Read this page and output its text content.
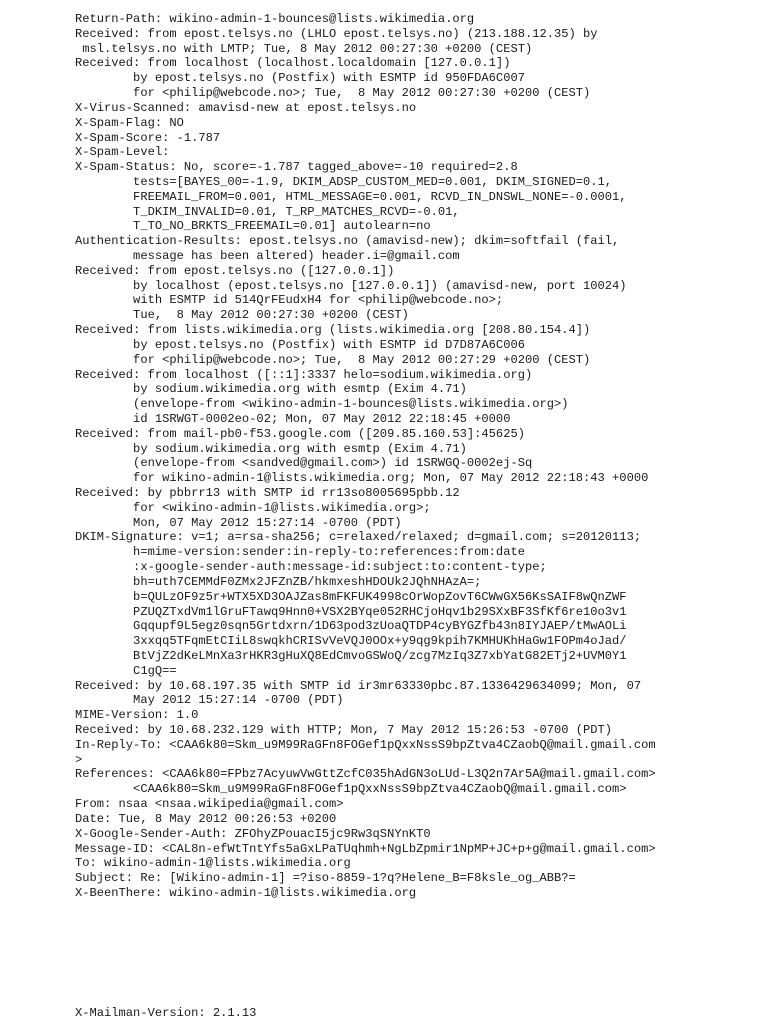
Return-Path: wikino-admin-1-bounces@lists.wikimedia.org
Received: from epost.telsys.no (LHLO epost.telsys.no) (213.188.12.35) by
msl.telsys.no with LMTP; Tue, 8 May 2012 00:27:30 +0200 (CEST)
Received: from localhost (localhost.localdomain [127.0.0.1])
by epost.telsys.no (Postfix) with ESMTP id 950FDA6C007
for <philip@webcode.no>; Tue,  8 May 2012 00:27:30 +0200 (CEST)
X-Virus-Scanned: amavisd-new at epost.telsys.no
X-Spam-Flag: NO
X-Spam-Score: -1.787
X-Spam-Level:
X-Spam-Status: No, score=-1.787 tagged_above=-10 required=2.8
tests=[BAYES_00=-1.9, DKIM_ADSP_CUSTOM_MED=0.001, DKIM_SIGNED=0.1,
FREEMAIL_FROM=0.001, HTML_MESSAGE=0.001, RCVD_IN_DNSWL_NONE=-0.0001,
T_DKIM_INVALID=0.01, T_RP_MATCHES_RCVD=-0.01,
T_TO_NO_BRKTS_FREEMAIL=0.01] autolearn=no
Authentication-Results: epost.telsys.no (amavisd-new); dkim=softfail (fail,
message has been altered) header.i=@gmail.com
Received: from epost.telsys.no ([127.0.0.1])
by localhost (epost.telsys.no [127.0.0.1]) (amavisd-new, port 10024)
with ESMTP id 514QrFEudxH4 for <philip@webcode.no>;
Tue,  8 May 2012 00:27:30 +0200 (CEST)
Received: from lists.wikimedia.org (lists.wikimedia.org [208.80.154.4])
by epost.telsys.no (Postfix) with ESMTP id D7D87A6C006
for <philip@webcode.no>; Tue,  8 May 2012 00:27:29 +0200 (CEST)
Received: from localhost ([::1]:3337 helo=sodium.wikimedia.org)
by sodium.wikimedia.org with esmtp (Exim 4.71)
(envelope-from <wikino-admin-1-bounces@lists.wikimedia.org>)
id 1SRWGT-0002eo-02; Mon, 07 May 2012 22:18:45 +0000
Received: from mail-pb0-f53.google.com ([209.85.160.53]:45625)
by sodium.wikimedia.org with esmtp (Exim 4.71)
(envelope-from <sandved@gmail.com>) id 1SRWGQ-0002ej-Sq
for wikino-admin-1@lists.wikimedia.org; Mon, 07 May 2012 22:18:43 +0000
Received: by pbbrr13 with SMTP id rr13so8005695pbb.12
for <wikino-admin-1@lists.wikimedia.org>;
Mon, 07 May 2012 15:27:14 -0700 (PDT)
DKIM-Signature: v=1; a=rsa-sha256; c=relaxed/relaxed; d=gmail.com; s=20120113;
h=mime-version:sender:in-reply-to:references:from:date
:x-google-sender-auth:message-id:subject:to:content-type;
bh=uth7CEMMdF0ZMx2JFZnZB/hkmxeshHDOUk2JQhNHAzA=;
b=QULzOF9z5r+WTX5XD3OAJZas8mFKFUK4998cOrWopZovT6CWwGX56KsSAIF8wQnZWF
PZUQZTxdVm1lGruFTawq9Hnn0+VSX2BYqe052RHCjoHqv1b29SXxBF3SfKf6re10o3v1
Gqqupf9L5egz0sqn5Grtdxrn/1D63pod3zUoaQTDP4cyBYGZfb43n8IYJAEP/tMwAOLi
3xxqq5TFqmEtCIiL8swqkhCRISvVeVQJ0OOx+y9qg9kpih7KMHUKhHaGw1FOPm4oJad/
BtVjZ2dKeLMnXa3rHKR3gHuXQ8EdCmvoGSWoQ/zcg7MzIq3Z7xbYatG82ETj2+UVM0Y1
C1gQ==
Received: by 10.68.197.35 with SMTP id ir3mr63330pbc.87.1336429634099; Mon, 07
May 2012 15:27:14 -0700 (PDT)
MIME-Version: 1.0
Received: by 10.68.232.129 with HTTP; Mon, 7 May 2012 15:26:53 -0700 (PDT)
In-Reply-To: <CAA6k80=Skm_u9M99RaGFn8FOGef1pQxxNssS9bpZtva4CZaobQ@mail.gmail.com
>
References: <CAA6k80=FPbz7AcyuwVwGttZcfC035hAdGN3oLUd-L3Q2n7Ar5A@mail.gmail.com>
<CAA6k80=Skm_u9M99RaGFn8FOGef1pQxxNssS9bpZtva4CZaobQ@mail.gmail.com>
From: nsaa <nsaa.wikipedia@gmail.com>
Date: Tue, 8 May 2012 00:26:53 +0200
X-Google-Sender-Auth: ZFOhyZPouacI5jc9Rw3qSNYnKT0
Message-ID: <CAL8n-efWtTntYfs5aGxLPaTUqhmh+NgLbZpmir1NpMP+JC+p+g@mail.gmail.com>
To: wikino-admin-1@lists.wikimedia.org
Subject: Re: [Wikino-admin-1] =?iso-8859-1?q?Helene_B=F8ksle_og_ABB?=
X-BeenThere: wikino-admin-1@lists.wikimedia.org
X-Mailman-Version: 2.1.13
